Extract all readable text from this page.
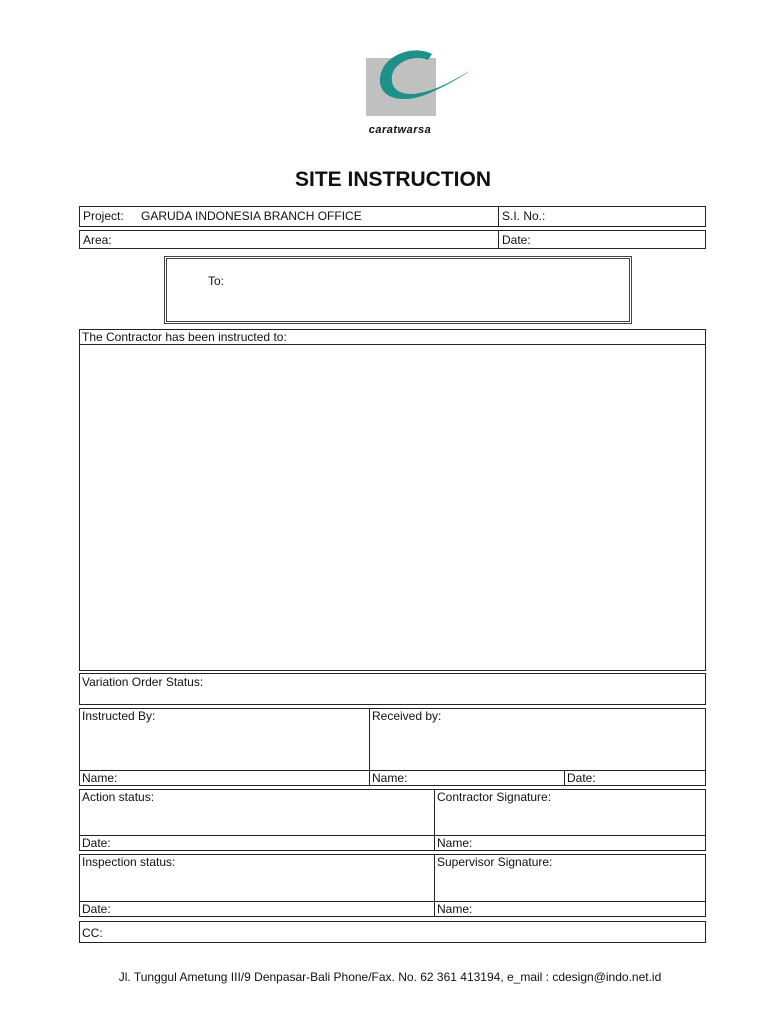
caratwarsa
SITE INSTRUCTION
Project: GARUDA INDONESIA BRANCH OFFICE	S.I. No.:
Area:	Date:
To:
The Contractor has been instructed to:
Variation Order Status:
Instructed By:	Received by:
Name:	Name:	Date:
Action status:	Contractor Signature:
Date:	Name:
Inspection status:	Supervisor Signature:
Date:	Name:
CC:
Jl. Tunggul Ametung III/9 Denpasar-Bali Phone/Fax. No. 62 361 413194, e_mail : cdesign@indo.net.id
